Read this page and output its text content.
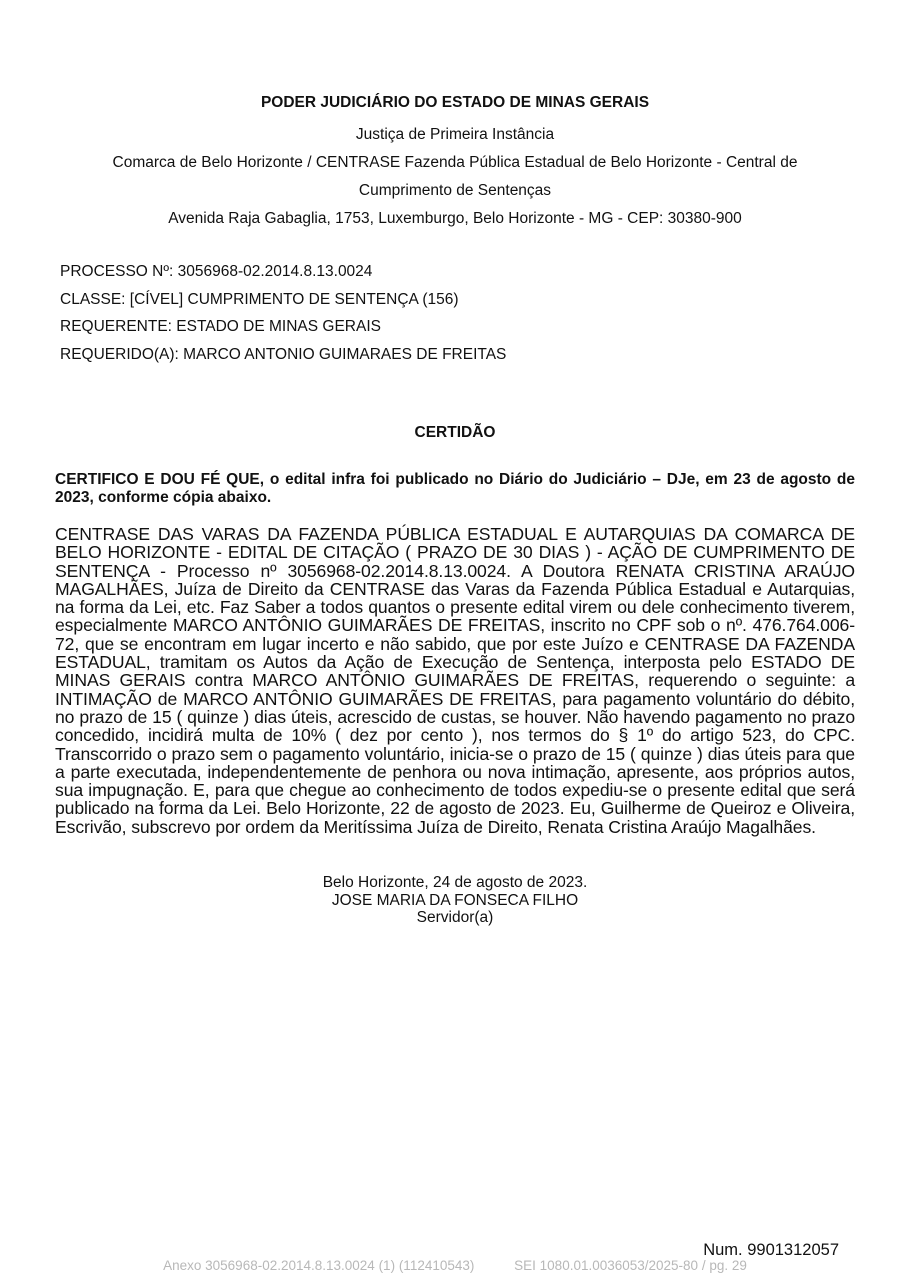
PODER JUDICIÁRIO DO ESTADO DE MINAS GERAIS
Justiça de Primeira Instância
Comarca de Belo Horizonte / CENTRASE Fazenda Pública Estadual de Belo Horizonte - Central de
Cumprimento de Sentenças
Avenida Raja Gabaglia, 1753, Luxemburgo, Belo Horizonte - MG - CEP: 30380-900
PROCESSO Nº: 3056968-02.2014.8.13.0024
CLASSE: [CÍVEL] CUMPRIMENTO DE SENTENÇA (156)
REQUERENTE: ESTADO DE MINAS GERAIS
REQUERIDO(A): MARCO ANTONIO GUIMARAES DE FREITAS
CERTIDÃO
CERTIFICO E DOU FÉ QUE, o edital infra foi publicado no Diário do Judiciário – DJe, em 23 de agosto de 2023, conforme cópia abaixo.
CENTRASE DAS VARAS DA FAZENDA PÚBLICA ESTADUAL E AUTARQUIAS DA COMARCA DE BELO HORIZONTE - EDITAL DE CITAÇÃO ( PRAZO DE 30 DIAS ) - AÇÃO DE CUMPRIMENTO DE SENTENÇA - Processo nº 3056968-02.2014.8.13.0024. A Doutora RENATA CRISTINA ARAÚJO MAGALHÃES, Juíza de Direito da CENTRASE das Varas da Fazenda Pública Estadual e Autarquias, na forma da Lei, etc. Faz Saber a todos quantos o presente edital virem ou dele conhecimento tiverem, especialmente MARCO ANTÔNIO GUIMARÃES DE FREITAS, inscrito no CPF sob o nº. 476.764.006-72, que se encontram em lugar incerto e não sabido, que por este Juízo e CENTRASE DA FAZENDA ESTADUAL, tramitam os Autos da Ação de Execução de Sentença, interposta pelo ESTADO DE MINAS GERAIS contra MARCO ANTÔNIO GUIMARÃES DE FREITAS, requerendo o seguinte: a INTIMAÇÃO de MARCO ANTÔNIO GUIMARÃES DE FREITAS, para pagamento voluntário do débito, no prazo de 15 ( quinze ) dias úteis, acrescido de custas, se houver. Não havendo pagamento no prazo concedido, incidirá multa de 10% ( dez por cento ), nos termos do § 1º do artigo 523, do CPC. Transcorrido o prazo sem o pagamento voluntário, inicia-se o prazo de 15 ( quinze ) dias úteis para que a parte executada, independentemente de penhora ou nova intimação, apresente, aos próprios autos, sua impugnação. E, para que chegue ao conhecimento de todos expediu-se o presente edital que será publicado na forma da Lei. Belo Horizonte, 22 de agosto de 2023. Eu, Guilherme de Queiroz e Oliveira, Escrivão, subscrevo por ordem da Meritíssima Juíza de Direito, Renata Cristina Araújo Magalhães.
Belo Horizonte, 24 de agosto de 2023.
JOSE MARIA DA FONSECA FILHO
Servidor(a)
Num. 9901312057
Anexo 3056968-02.2014.8.13.0024 (1) (112410543)	SEI 1080.01.0036053/2025-80 / pg. 29
